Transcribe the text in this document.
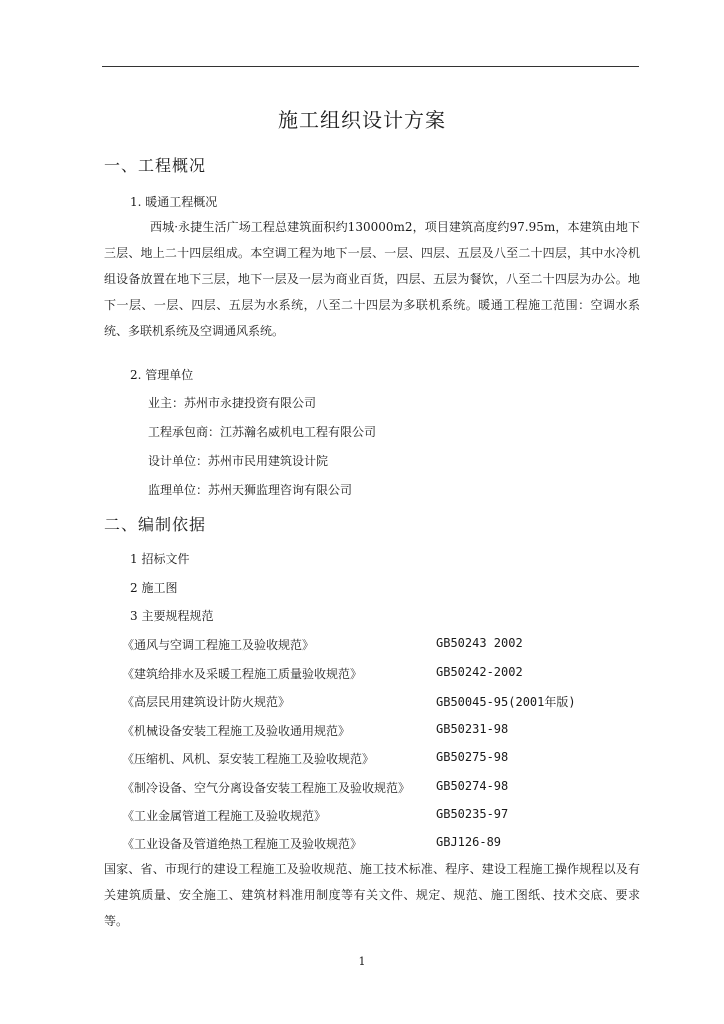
施工组织设计方案
一、工程概况
1. 暖通工程概况
西城·永捷生活广场工程总建筑面积约130000m2，项目建筑高度约97.95m，本建筑由地下三层、地上二十四层组成。本空调工程为地下一层、一层、四层、五层及八至二十四层，其中水冷机组设备放置在地下三层，地下一层及一层为商业百货，四层、五层为餐饮，八至二十四层为办公。地下一层、一层、四层、五层为水系统，八至二十四层为多联机系统。暖通工程施工范围：空调水系统、多联机系统及空调通风系统。
2. 管理单位
业主：苏州市永捷投资有限公司
工程承包商：江苏瀚名威机电工程有限公司
设计单位：苏州市民用建筑设计院
监理单位：苏州天狮监理咨询有限公司
二、编制依据
1 招标文件
2 施工图
3 主要规程规范
《通风与空调工程施工及验收规范》	GB50243 2002
《建筑给排水及采暖工程施工质量验收规范》	GB50242-2002
《高层民用建筑设计防火规范》	GB50045-95(2001年版)
《机械设备安装工程施工及验收通用规范》	GB50231-98
《压缩机、风机、泵安装工程施工及验收规范》	GB50275-98
《制冷设备、空气分离设备安装工程施工及验收规范》 GB50274-98
《工业金属管道工程施工及验收规范》	GB50235-97
《工业设备及管道绝热工程施工及验收规范》	GBJ126-89
国家、省、市现行的建设工程施工及验收规范、施工技术标准、程序、建设工程施工操作规程以及有关建筑质量、安全施工、建筑材料准用制度等有关文件、规定、规范、施工图纸、技术交底、要求等。
1
